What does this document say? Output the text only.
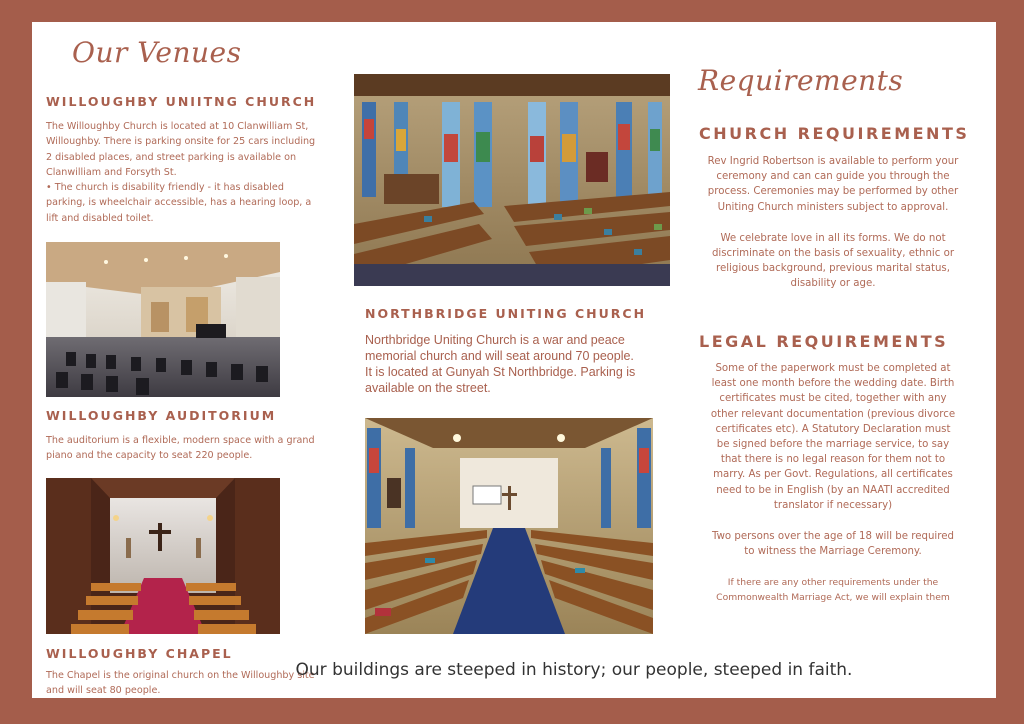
Our Venues
WILLOUGHBY UNIITNG CHURCH
The Willoughby Church is located at 10 Clanwilliam St,
Willoughby. There is parking onsite for 25 cars including
2 disabled places, and street parking is available on
Clanwilliam and Forsyth St.
• The church is disability friendly - it has disabled
parking, is wheelchair accessible, has a hearing loop, a
lift and disabled toilet.
WILLOUGHBY AUDITORIUM
The auditorium is a flexible, modern space with a grand
piano and the capacity to seat 220 people.
WILLOUGHBY CHAPEL
The Chapel is the original church on the Willoughby site
and will seat 80 people.
NORTHBRIDGE UNITING CHURCH
Northbridge Uniting Church is a war and peace
memorial church and will seat around 70 people.
It is located at Gunyah St Northbridge. Parking is
available on the street.
Requirements
CHURCH REQUIREMENTS
Rev Ingrid Robertson is available to perform your
ceremony and can can guide you through the
process. Ceremonies may be performed by other
Uniting Church ministers subject to approval.
We celebrate love in all its forms. We do not
discriminate on the basis of sexuality, ethnic or
religious background, previous marital status,
disability or age.
LEGAL REQUIREMENTS
Some of the paperwork must be completed at
least one month before the wedding date. Birth
certificates must be cited, together with any
other relevant documentation (previous divorce
certificates etc). A Statutory Declaration must
be signed before the marriage service, to say
that there is no legal reason for them not to
marry. As per Govt. Regulations, all certificates
need to be in English (by an NAATI accredited
translator if necessary)
Two persons over the age of 18 will be required
to witness the Marriage Ceremony.
If there are any other requirements under the
Commonwealth Marriage Act, we will explain them
Our buildings are steeped in history; our people, steeped in faith.
